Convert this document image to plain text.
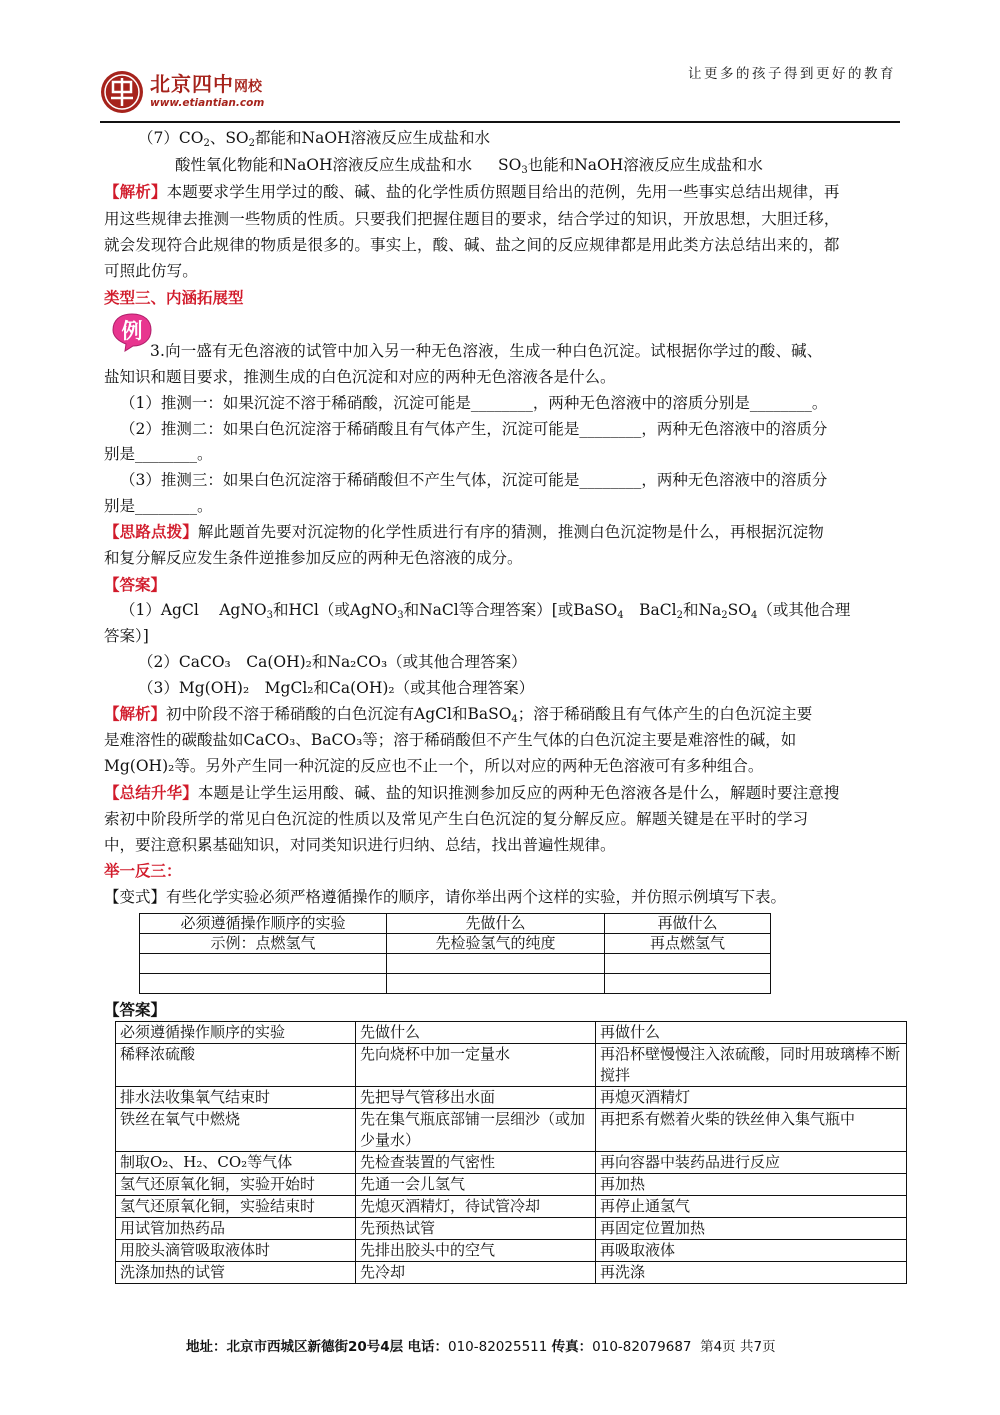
北京四中网校
www.etiantian.com
让更多的孩子得到更好的教育
$(7)CO_2$、$SO_2$都能和NaOH溶液反应生成盐和水
酸性氧化物能和NaOH溶液反应生成盐和水 $SO_3$也能和NaOH溶液反应生成盐和水
【解析】本题要求学生用学过的酸、碱、盐的化学性质仿照题目给出的范例，先用一些事实总结出规律，再
用这些规律去推测一些物质的性质。只要我们把握住题目的要求，结合学过的知识，开放思想，大胆迁移，
就会发现符合此规律的物质是很多的。事实上，酸、碱、盐之间的反应规律都是用此类方法总结出来的，都
可照此仿写。
类型三、内涵拓展型
例
3.向一盛有无色溶液的试管中加入另一种无色溶液，生成一种白色沉淀。试根据你学过的酸、碱、
盐知识和题目要求，推测生成的白色沉淀和对应的两种无色溶液各是什么。
（1）推测一：如果沉淀不溶于稀硝酸，沉淀可能是________，两种无色溶液中的溶质分别是________。
（2）推测二：如果白色沉淀溶于稀硝酸且有气体产生，沉淀可能是________，两种无色溶液中的溶质分
别是________。
（3）推测三：如果白色沉淀溶于稀硝酸但不产生气体，沉淀可能是________，两种无色溶液中的溶质分
别是________。
【思路点拨】解此题首先要对沉淀物的化学性质进行有序的猜测，推测白色沉淀物是什么，再根据沉淀物
和复分解反应发生条件逆推参加反应的两种无色溶液的成分。
【答案】
（1）AgCl　 AgNO$_3$和HCl（或AgNO$_3$和NaCl等合理答案）[或BaSO$_4$　BaCl$_2$和$Na_2SO_4$（或其他合理
答案）]
（2）CaCO₃　Ca(OH)₂和Na₂CO₃（或其他合理答案）
（3）Mg(OH)₂　MgCl₂和Ca(OH)₂（或其他合理答案）
【解析】初中阶段不溶于稀硝酸的白色沉淀有AgCl和BaSO$_4$；溶于稀硝酸且有气体产生的白色沉淀主要
是难溶性的碳酸盐如CaCO₃、BaCO₃等；溶于稀硝酸但不产生气体的白色沉淀主要是难溶性的碱，如
Mg(OH)₂等。另外产生同一种沉淀的反应也不止一个，所以对应的两种无色溶液可有多种组合。
【总结升华】本题是让学生运用酸、碱、盐的知识推测参加反应的两种无色溶液各是什么，解题时要注意搜
索初中阶段所学的常见白色沉淀的性质以及常见产生白色沉淀的复分解反应。解题关键是在平时的学习
中，要注意积累基础知识，对同类知识进行归纳、总结，找出普遍性规律。
举一反三：
【变式】有些化学实验必须严格遵循操作的顺序，请你举出两个这样的实验，并仿照示例填写下表。
必须遵循操作顺序的实验	先做什么	再做什么
示例：点燃氢气	先检验氢气的纯度	再点燃氢气

【答案】
必须遵循操作顺序的实验	先做什么	再做什么
稀释浓硫酸	先向烧杯中加一定量水	再沿杯壁慢慢注入浓硫酸，同时用玻璃棒不断搅拌
排水法收集氧气结束时	先把导气管移出水面	再熄灭酒精灯
铁丝在氧气中燃烧	先在集气瓶底部铺一层细沙（或加少量水）	再把系有燃着火柴的铁丝伸入集气瓶中
制取O₂、H₂、CO₂等气体	先检查装置的气密性	再向容器中装药品进行反应
氢气还原氧化铜，实验开始时	先通一会儿氢气	再加热
氢气还原氧化铜，实验结束时	先熄灭酒精灯，待试管冷却	再停止通氢气
用试管加热药品	先预热试管	再固定位置加热
用胶头滴管吸取液体时	先排出胶头中的空气	再吸取液体
洗涤加热的试管	先冷却	再洗涤
地址：北京市西城区新德街20号4层 电话：010-82025511 传真：010-82079687 第4页 共7页
